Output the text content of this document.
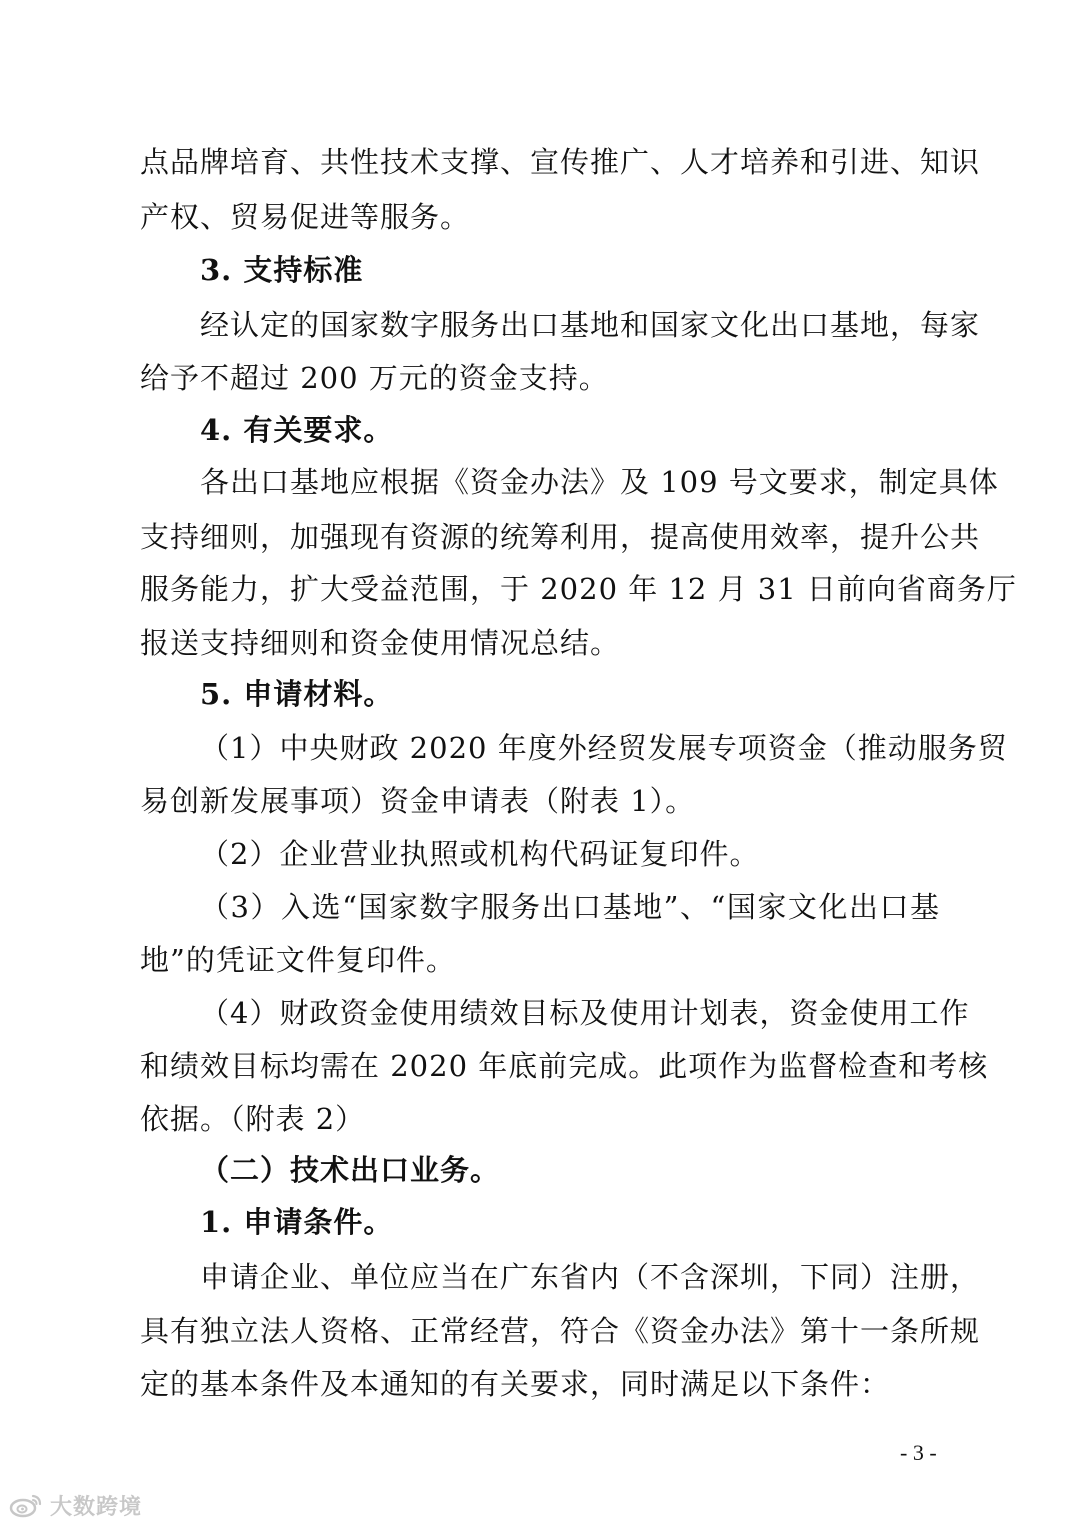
点品牌培育、共性技术支撑、宣传推广、人才培养和引进、知识
产权、贸易促进等服务。
3. 支持标准
经认定的国家数字服务出口基地和国家文化出口基地，每家
给予不超过 200 万元的资金支持。
4. 有关要求。
各出口基地应根据《资金办法》及 109 号文要求，制定具体
支持细则，加强现有资源的统筹利用，提高使用效率，提升公共
服务能力，扩大受益范围，于 2020 年 12 月 31 日前向省商务厅
报送支持细则和资金使用情况总结。
5. 申请材料。
（1）中央财政 2020 年度外经贸发展专项资金（推动服务贸
易创新发展事项）资金申请表（附表 1）。
（2）企业营业执照或机构代码证复印件。
（3）入选“国家数字服务出口基地”、“国家文化出口基
地”的凭证文件复印件。
（4）财政资金使用绩效目标及使用计划表，资金使用工作
和绩效目标均需在 2020 年底前完成。此项作为监督检查和考核
依据。（附表 2）
（二）技术出口业务。
1. 申请条件。
申请企业、单位应当在广东省内（不含深圳，下同）注册，
具有独立法人资格、正常经营，符合《资金办法》第十一条所规
定的基本条件及本通知的有关要求，同时满足以下条件：
- 3 -
大数跨境
